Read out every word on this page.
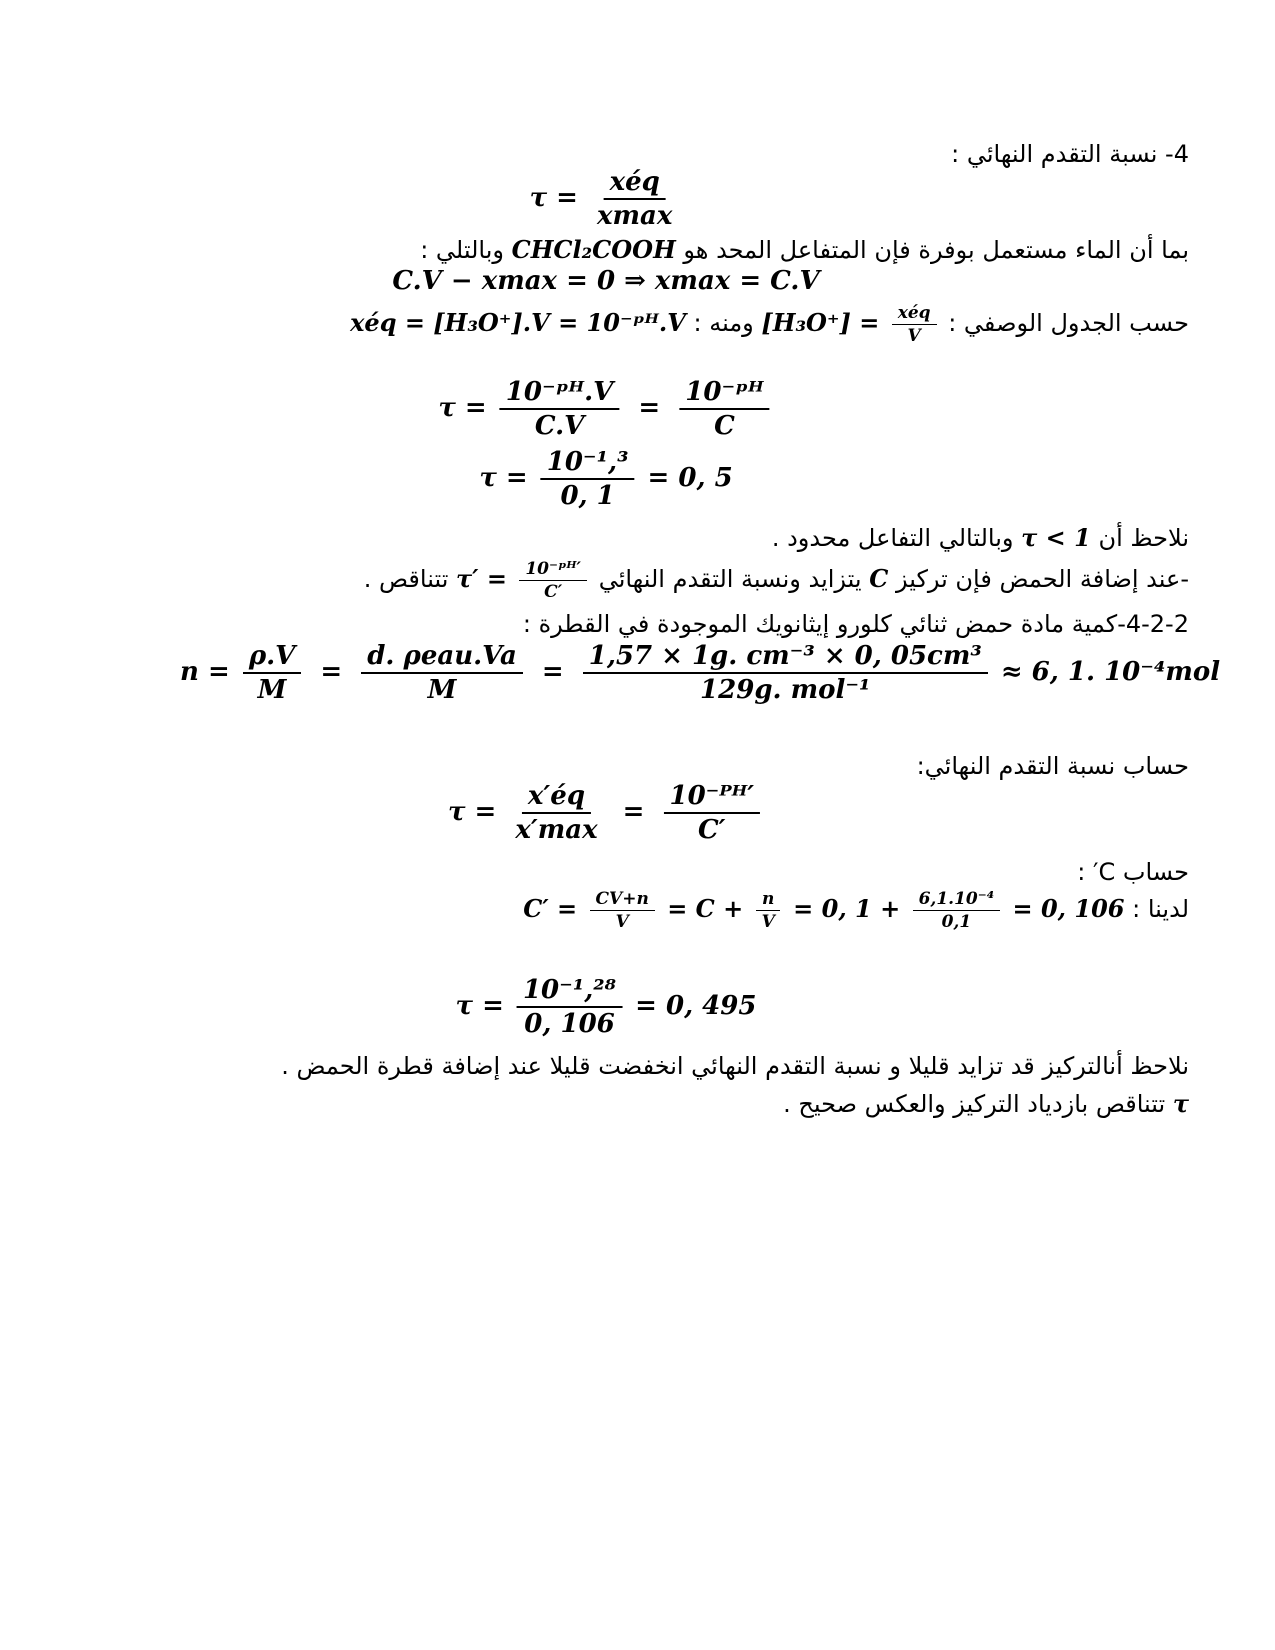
4- نسبة التقدم النهائي :
$\tau = \frac{\text{xéq}}{xmax}$
بما أن الماء مستعمل بوفرة فإن المتفاعل المحد هو CHCl₂COOH وبالتلي :
C.V − xmax = 0 ⇒ xmax = C.V
حسب الجدول الوصفي : $[H_3O^+] = \frac{\text{xéq}}{V}$
ومنه : xéq = [H₃O⁺].V = 10⁻ᵖᴴ.V
$\tau = \frac{\text{10⁻ᵖᴴ.V}}{C.V} = \frac{\text{10⁻ᵖᴴ}}{C}$
$\tau = \frac{\text{10⁻¹,³}}{0, 1} = 0$, 5
نلاحظ أن τ < 1 وبالتالي التفاعل محدود .
-عند إضافة الحمض فإن تركيز C يتزايد ونسبة التقدم النهائي $\tau' = \frac{\text{10⁻ᵖᴴ′}}{C'}$
تتناقص .
4-2-2-كمية مادة حمض ثنائي كلورو إيثانويك الموجودة في القطرة :
$n = \frac{\rho.V}{M} = \frac{\text{d. ρeau.Va}}{M} = \frac{\text{1,57 × 1g. cm⁻³ × 0, 05cm³}}{\text{129g. mol⁻¹}} \approx 6$, 1. 10⁻⁴mol
حساب نسبة التقدم النهائي:
$\tau = \frac{x'éq}{x'\max} = \frac{\text{10⁻ᴾᴴ′}}{C'}$
حساب C′ :
لدينا : $C' = \frac{CV+n}{V} = C + \frac{n}{V} = 0$, $1 + \frac{\text{6,1.10⁻⁴}}{0,1} = 0$, 106
$\tau = \frac{\text{10⁻¹,²⁸}}{0, 106} = 0$, 495
نلاحظ أنالتركيز قد تزايد قليلا و نسبة التقدم النهائي انخفضت قليلا عند إضافة قطرة الحمض .
τ تتناقص بازدياد التركيز والعكس صحيح .
